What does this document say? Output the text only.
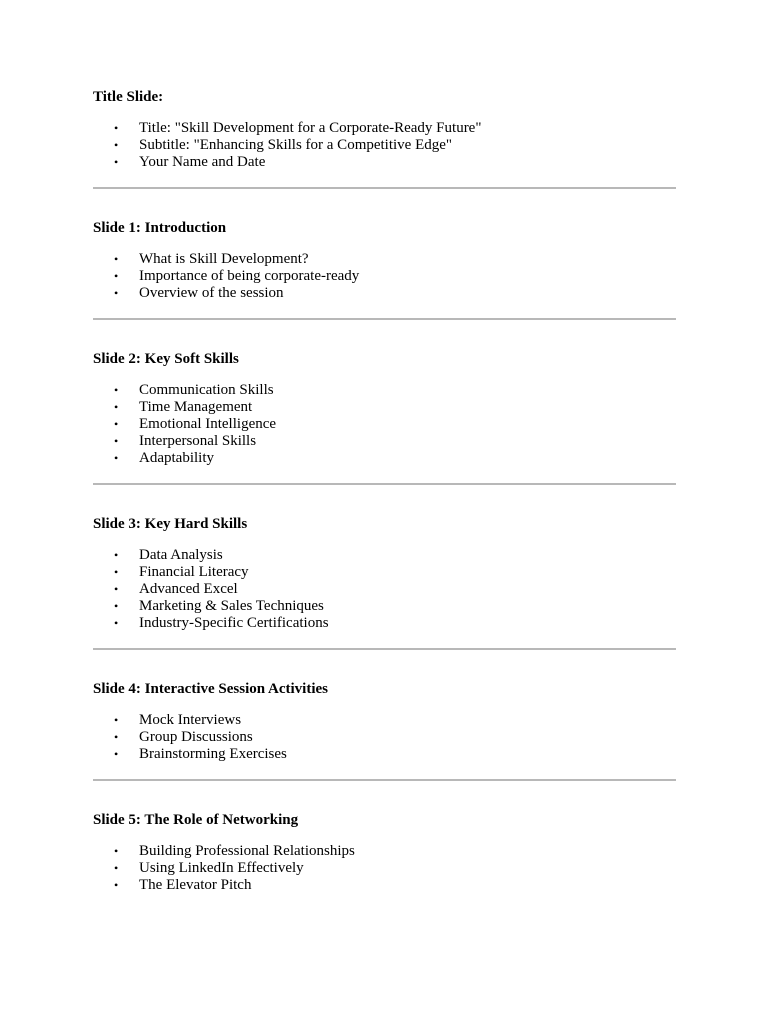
Title Slide:

• Title: "Skill Development for a Corporate-Ready Future"
• Subtitle: "Enhancing Skills for a Competitive Edge"
• Your Name and Date

Slide 1: Introduction

• What is Skill Development?
• Importance of being corporate-ready
• Overview of the session

Slide 2: Key Soft Skills

• Communication Skills
• Time Management
• Emotional Intelligence
• Interpersonal Skills
• Adaptability

Slide 3: Key Hard Skills

• Data Analysis
• Financial Literacy
• Advanced Excel
• Marketing & Sales Techniques
• Industry-Specific Certifications

Slide 4: Interactive Session Activities

• Mock Interviews
• Group Discussions
• Brainstorming Exercises

Slide 5: The Role of Networking

• Building Professional Relationships
• Using LinkedIn Effectively
• The Elevator Pitch
